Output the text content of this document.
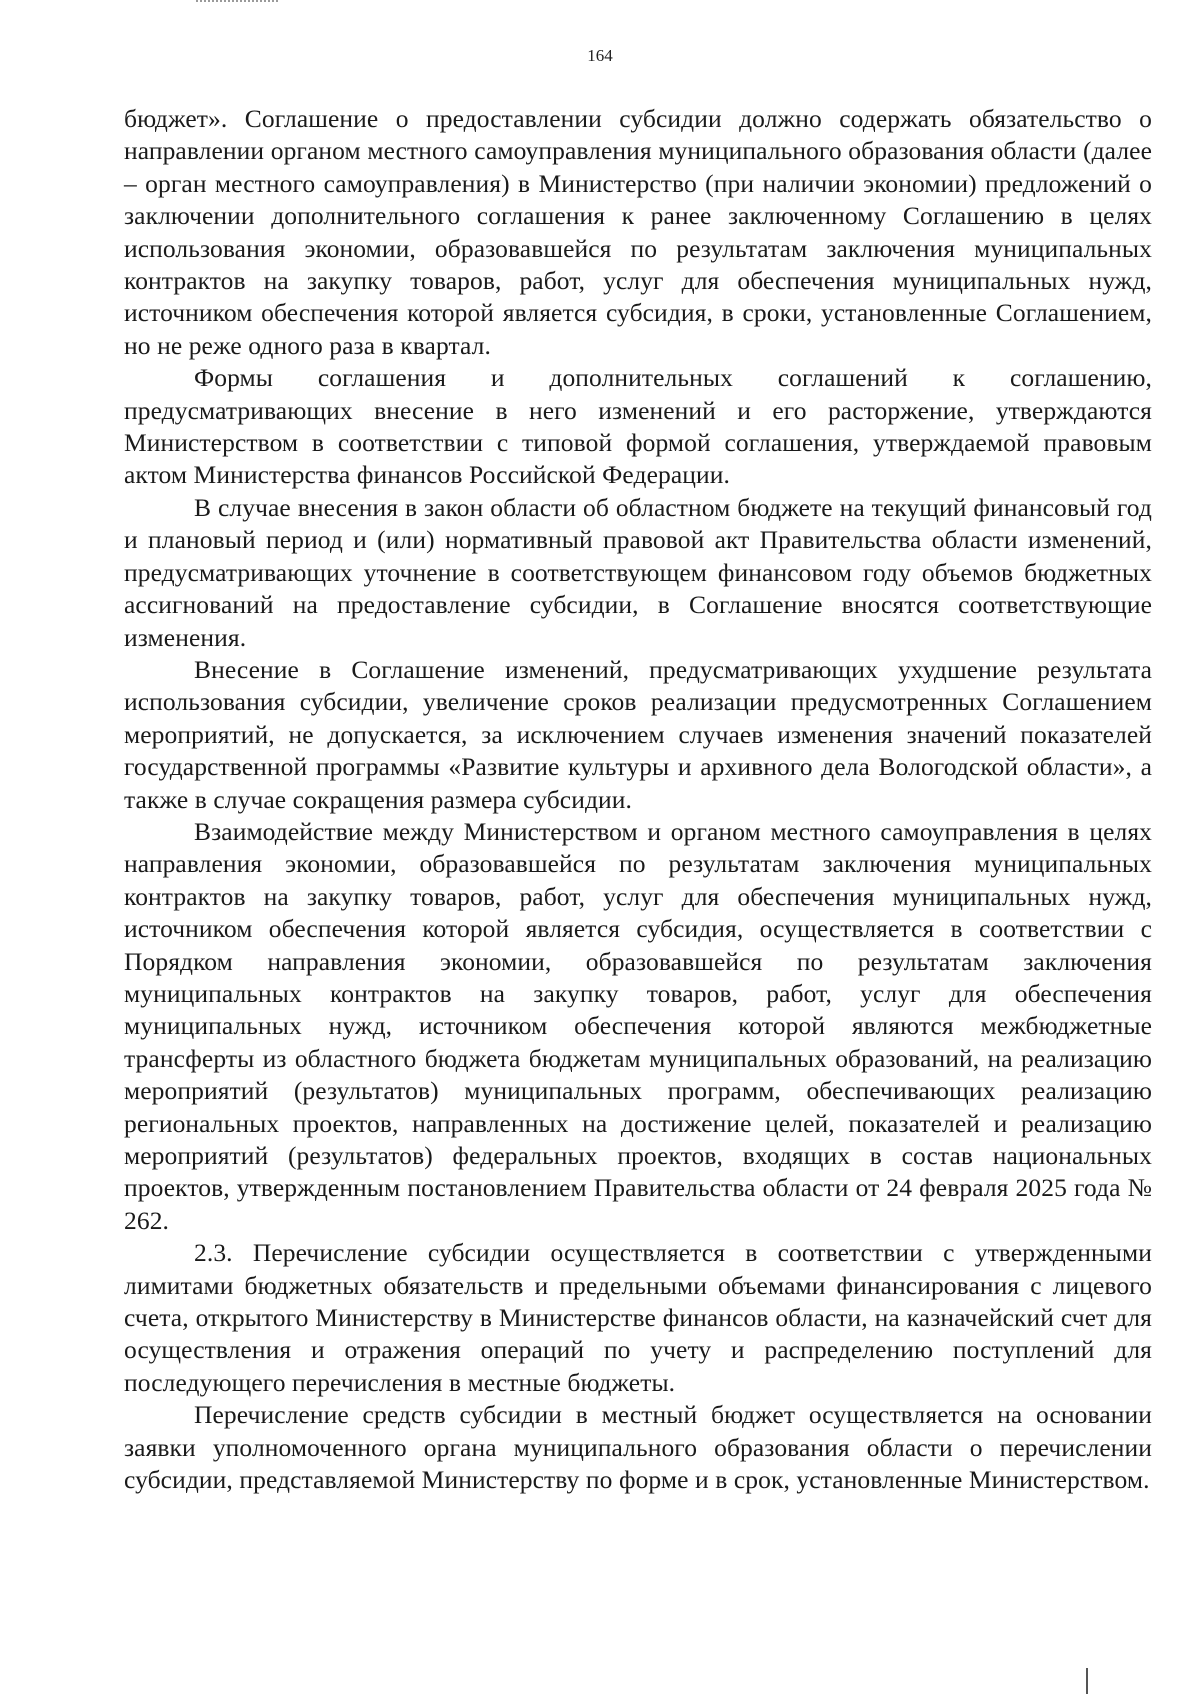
164

бюджет». Соглашение о предоставлении субсидии должно содержать обязательство о направлении органом местного самоуправления муниципального образования области (далее – орган местного самоуправления) в Министерство (при наличии экономии) предложений о заключении дополнительного соглашения к ранее заключенному Соглашению в целях использования экономии, образовавшейся по результатам заключения муниципальных контрактов на закупку товаров, работ, услуг для обеспечения муниципальных нужд, источником обеспечения которой является субсидия, в сроки, установленные Соглашением, но не реже одного раза в квартал.

Формы соглашения и дополнительных соглашений к соглашению, предусматривающих внесение в него изменений и его расторжение, утверждаются Министерством в соответствии с типовой формой соглашения, утверждаемой правовым актом Министерства финансов Российской Федерации.

В случае внесения в закон области об областном бюджете на текущий финансовый год и плановый период и (или) нормативный правовой акт Правительства области изменений, предусматривающих уточнение в соответствующем финансовом году объемов бюджетных ассигнований на предоставление субсидии, в Соглашение вносятся соответствующие изменения.

Внесение в Соглашение изменений, предусматривающих ухудшение результата использования субсидии, увеличение сроков реализации предусмотренных Соглашением мероприятий, не допускается, за исключением случаев изменения значений показателей государственной программы «Развитие культуры и архивного дела Вологодской области», а также в случае сокращения размера субсидии.

Взаимодействие между Министерством и органом местного самоуправления в целях направления экономии, образовавшейся по результатам заключения муниципальных контрактов на закупку товаров, работ, услуг для обеспечения муниципальных нужд, источником обеспечения которой является субсидия, осуществляется в соответствии с Порядком направления экономии, образовавшейся по результатам заключения муниципальных контрактов на закупку товаров, работ, услуг для обеспечения муниципальных нужд, источником обеспечения которой являются межбюджетные трансферты из областного бюджета бюджетам муниципальных образований, на реализацию мероприятий (результатов) муниципальных программ, обеспечивающих реализацию региональных проектов, направленных на достижение целей, показателей и реализацию мероприятий (результатов) федеральных проектов, входящих в состав национальных проектов, утвержденным постановлением Правительства области от 24 февраля 2025 года № 262.

2.3. Перечисление субсидии осуществляется в соответствии с утвержденными лимитами бюджетных обязательств и предельными объемами финансирования с лицевого счета, открытого Министерству в Министерстве финансов области, на казначейский счет для осуществления и отражения операций по учету и распределению поступлений для последующего перечисления в местные бюджеты.

Перечисление средств субсидии в местный бюджет осуществляется на основании заявки уполномоченного органа муниципального образования области о перечислении субсидии, представляемой Министерству по форме и в срок, установленные Министерством.
